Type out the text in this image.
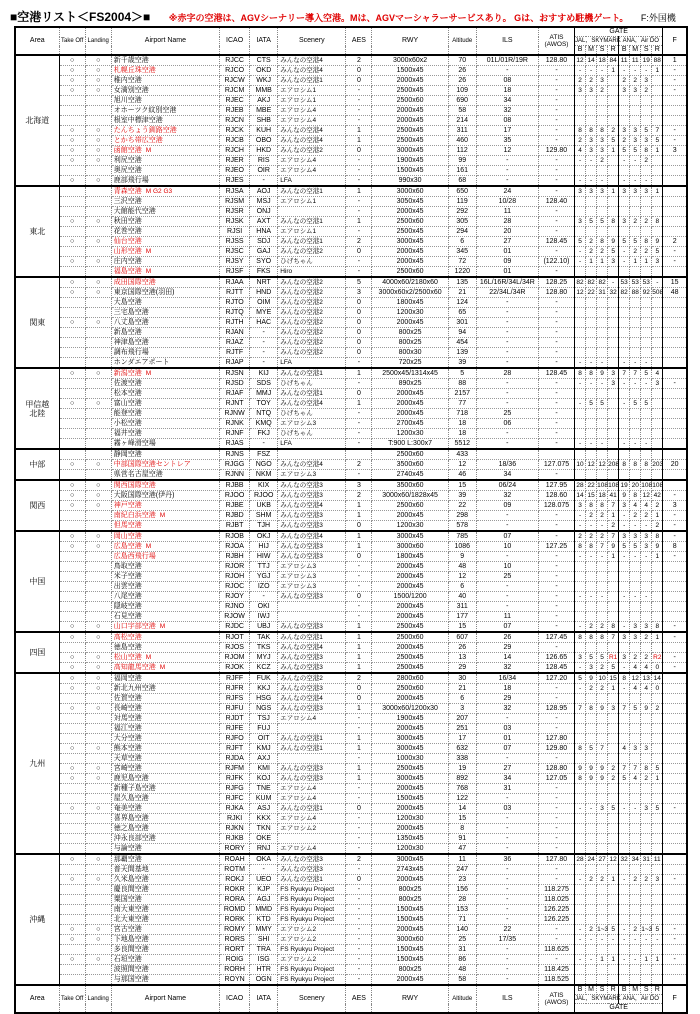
■空港リスト＜FS2004＞■ ※赤字の空港は、AGVシーナリー導入空港。Mは、AGVマーシャラーサービスあり。 Gは、おすすめ駐機ゲート。 F:外国機
Area	Take Off	Landing	Airport Name	ICAO	IATA	Scenery	AES	RWY	Altitude	ILS	ATIS
(AWOS)	GATE								F
												JAL，SKYMARK				ANA，Air DO				
												B	M	S	R	B	M	S	R	
北海道	○	○	新千歳空港	RJCC	CTS	みんなの空港4	2	3000x60x2	70	01L/01R/19R	128.80	12	14	18	84	11	11	19	88	1
	○	○	札幌丘珠空港	RJCO	OKD	みんなの空港4	0	1500x45	26	-	-	-	-	-	1	-	-	-	1	-
	○	○	稚内空港	RJCW	WKJ	みんなの空港1	0	2000x45	26	08	-	2	2	3		2	2	3		-
	○	○	女満別空港	RJCM	MMB	エアロシム1	-	2500x45	109	18	-	3	3	2		3	3	2		-
			旭川空港	RJEC	AKJ	エアロシム1	-	2500x60	690	34	-									
			オホーツク紋別空港	RJEB	MBE	エアロシム4	-	2000x45	58	32	-									
			根室中標津空港	RJCN	SHB	エアロシム4	-	2000x45	214	08	-									
	○	○	たんちょう釧路空港	RJCK	KUH	みんなの空港4	1	2500x45	311	17	-	8	8	8	2	3	3	5	7	-
	○	○	とかち帯広空港	RJCB	OBO	みんなの空港4	1	2500x45	460	35	-	2	3	3	5	2	3	3	5	-
	○	○	函館空港 M	RJCH	HKD	みんなの空港2	0	3000x45	112	12	129.80	4	3	3	1	5	5	8	1	3
	○	○	利尻空港	RJER	RIS	エアロシム4	-	1900x45	99	-	-	-	-	2		-	-	2		
			奥尻空港	RJEO	OIR	エアロシム4	-	1500x45	161	-	-									
	○	○	鹿部飛行場	RJES	-	LFA	-	990x30	68	-	-	-	-	-		-	-	-		
東北			青森空港 M G2 G3	RJSA	AOJ	みんなの空港1	1	3000x60	650	24	-	3	3	3	1	3	3	3	1	
			三沢空港	RJSM	MSJ	エアロシム1	-	3050x45	119	10/28	128.40									
			大館能代空港	RJSR	ONJ		-	2000x45	292	11	-									
	○	○	秋田空港	RJSK	AXT	みんなの空港1	1	2500x60	305	28	-	3	5	5	8	3	2	2	8	
			花巻空港	RJSI	HNA	エアロシム1	-	2500x45	294	20	-									
	○	○	仙台空港	RJSS	SDJ	みんなの空港1	2	3000x45	6	27	128.45	5	2	8	9	5	5	8	9	2
			山形空港 M	RJSC	GAJ	みんなの空港2	0	2000x45	345	01	-	-	2	2	5	-	2	2	5	-
	○	○	庄内空港	RJSY	SYO	ひげちゃん	-	2000x45	72	09	(122.10)	-	1	1	3	-	1	1	3	-
			福島空港 M	RJSF	FKS	Hiro	-	2500x60	1220	01	-									
関東	○	○	成田国際空港	RJAA	NRT	みんなの空港2	5	4000x60/2180x60	135	16L/16R/34L/34R	128.25	82	82	82	-	53	53	53	-	15
	○	○	東京国際空港(羽田)	RJTT	HND	みんなの空港2	3	3000x60x2/2500x60	21	22/34L/34R	128.80	12	22	31	32	82	88	92	508	48
			大島空港	RJTO	OIM	みんなの空港2	0	1800x45	124	-	-									
			三宅島空港	RJTQ	MYE	みんなの空港2	0	1200x30	65	-	-									
	○	○	八丈島空港	RJTH	HAC	みんなの空港2	0	2000x45	301	-	-									
			新島空港	RJAN	-	みんなの空港2	0	800x25	94	-	-									
			神津島空港	RJAZ	-	みんなの空港2	0	800x25	454	-	-									
			調布飛行場	RJTF	-	みんなの空港2	0	800x30	139	-	-									
			ホンダエアポート	RJAP	-	LFA	-	720x25	39	-	-	-	-	-		-	-	-		
甲信越
北陸	○	○	新潟空港 M	RJSN	KIJ	みんなの空港1	1	2500x45/1314x45	5	28	128.45	8	8	9	3	7	7	5	4	
			佐渡空港	RJSD	SDS	ひげちゃん	-	890x25	88	-	-	-	-	-	3	-	-	-	3	-
			松本空港	RJAF	MMJ	みんなの空港1	0	2000x45	2157	-	-									
	○	○	富山空港	RJNT	TOY	みんなの空港4	1	2000x45	77	-	-	-	5	5		-	5	5		
			能登空港	RJNW	NTQ	ひげちゃん	-	2000x45	718	25	-									
			小松空港	RJNK	KMQ	エアロシム3	-	2700x45	18	06	-									
			福井空港	RJNF	FKJ	ひげちゃん	-	1200x30	18	-	-									
			霧ヶ峰滑空場	RJAS	-	LFA	-	T:900 L:300x7	5512	-	-	-	-	-		-	-	-		
中部			静岡空港	RJNS	FSZ			2500x60	433											
	○	○	中部国際空港セントレア	RJGG	NGO	みんなの空港4	2	3500x60	12	18/36	127.075	10	12	12	208	8	8	8	203	20
			県営名古屋空港	RJNN	NKM	エアロシム3	-	2740x45	46	34	-									
関西	○	○	関西国際空港	RJBB	KIX	みんなの空港3	3	3500x60	15	06/24	127.95	28	22	108	108	19	20	108	108	
	○	○	大阪国際空港(伊丹)	RJOO	RJOO	みんなの空港3	2	3000x60/1828x45	39	32	128.60	14	15	18	41	9	8	12	42	-
	○	○	神戸空港	RJBE	UKB	みんなの空港4	1	2500x60	22	09	128.075	3	8	8	7	3	4	4	2	3
			南紀白浜空港 M	RJBD	SHM	みんなの空港3	1	2000x45	298	-	-	-	2	2	1	-	2	2	1	-
			但馬空港	RJBT	TJH	みんなの空港3	0	1200x30	578	-	-	-	-	-	2	-	-	-	2	-
中国	○	○	岡山空港	RJOB	OKJ	みんなの空港4	1	3000x45	785	07	-	2	2	2	7	3	3	3	8	-
	○	○	広島空港 M	RJOA	HIJ	みんなの空港3	1	3000x60	1086	10	127.25	8	8	7	9	5	5	3	9	8
			広島西飛行場	RJBH	HIW	みんなの空港3	0	1800x45	9	-	-	-	-	-	1	-	-	-	1	-
			鳥取空港	RJOR	TTJ	エアロシム3	-	2000x45	48	10	-									
			米子空港	RJOH	YGJ	エアロシム3	-	2000x45	12	25	-									
			出雲空港	RJOC	IZO	エアロシム3	-	2000x45	6	-	-									
			八尾空港	RJOY	-	みんなの空港3	0	1500/1200	40	-	-	-	-	-		-	-	-		
			隠岐空港	RJNO	OKI		-	2000x45	311	-	-									
			石見空港	RJOW	IWJ		-	2000x45	177	11	-									
	○	○	山口宇部空港 M	RJDC	UBJ	みんなの空港3	1	2500x45	15	07	-	-	2	2	8	-	3	3	8	-
四国	○	○	高松空港	RJOT	TAK	みんなの空港1	1	2500x60	607	26	127.45	8	8	8	7	3	3	2	1	-
			徳島空港	RJOS	TKS	みんなの空港4	1	2000x45	26	29	-									
	○	○	松山空港 M	RJOM	MYJ	みんなの空港3	1	2500x45	13	14	126.65	3	5	5	R1	3	2	2	R2	-
	○	○	高知龍馬空港 M	RJOK	KCZ	みんなの空港3	1	2500x45	29	32	128.45	-	3	2	5	-	4	4	0	-
九州	○	○	福岡空港	RJFF	FUK	みんなの空港2	2	2800x60	30	16/34	127.20	5	9	10	15	8	12	13	14	
	○	○	新北九州空港	RJFR	KKJ	みんなの空港3	0	2500x60	21	18	-	-	2	2	1	-	4	4	0	
			佐賀空港	RJFS	HSG	みんなの空港4	0	2000x45	6	29	-									
	○	○	長崎空港	RJFU	NGS	みんなの空港3	1	3000x60/1200x30	3	32	128.95	7	8	9	3	7	5	9	2	
			対馬空港	RJDT	TSJ	エアロシム4	-	1900x45	207	-	-									
			福江空港	RJFE	FUJ		-	2000x45	251	03	-									
			大分空港	RJFO	OIT	みんなの空港1	1	3000x45	17	01	127.80									
	○	○	熊本空港	RJFT	KMJ	みんなの空港1	1	3000x45	632	07	129.80	8	5	7		4	3	3		
			天草空港	RJDA	AXJ		-	1000x30	338	-	-									
	○	○	宮崎空港	RJFM	KMI	みんなの空港3	1	2500x45	19	27	128.80	9	9	9	2	7	7	8	5	
	○	○	鹿児島空港	RJFK	KOJ	みんなの空港3	1	3000x45	892	34	127.05	8	9	9	2	5	4	2	1	
			新種子島空港	RJFG	TNE	エアロシム4	-	2000x45	768	31	-									
			屋久島空港	RJFC	KUM	エアロシム4	-	1500x45	122	-	-									
	○	○	奄美空港	RJKA	ASJ	みんなの空港1	0	2000x45	14	03	-	-	-	3	5	-	-	3	5	-
			喜界島空港	RJKI	KKX	エアロシム4	-	1200x30	15	-	-									
			徳之島空港	RJKN	TKN	エアロシム2	-	2000x45	8	-	-									
			沖永良部空港	RJKB	OKE		-	1350x45	91	-	-									
			与論空港	RORY	RNJ	エアロシム4	-	1200x30	47	-	-									
沖縄	○	○	那覇空港	ROAH	OKA	みんなの空港3	2	3000x45	11	36	127.80	28	24	27	12	32	34	31	11	
			普天間基地	ROTM	-	みんなの空港3	-	2743x45	247	-	-									
	○	○	久米島空港	ROKJ	UEO	みんなの空港1	0	2000x45	23	-	-	-	2	2	1	-	2	2	3	-
			慶良間空港	ROKR	KJP	FS Ryukyu Project	-	800x25	156	-	118.275									
			粟国空港	RORA	AGJ	FS Ryukyu Project	-	800x25	28	-	118.025									
			南大東空港	ROMD	MMD	FS Ryukyu Project	-	1500x45	153	-	126.225									
			北大東空港	RORK	KTD	FS Ryukyu Project	-	1500x45	71	-	126.225									
	○	○	宮古空港	ROMY	MMY	エアロシム2	-	2000x45	140	22	-	-	2	1~3	5	-	2	1~3	5	-
	○	○	下地島空港	RORS	SHI	エアロシム2	-	3000x60	25	17/35	-	-	-	-	-	-	-	-	-	-
			多良間空港	RORT	TRA	FS Ryukyu Project	-	1500x45	31	-	118.625									
	○	○	石垣空港	ROIG	ISG	エアロシム2	-	1500x45	86	-	-	-	-	1	1	-	-	1	1	-
			波照間空港	RORH	HTR	FS Ryukyu Project	-	800x25	48	-	118.425									
			与那国空港	ROYN	OGN	FS Ryukyu Project	-	2000x45	58	-	118.525									
Area	Take Off	Landing	Airport Name	ICAO	IATA	Scenery	AES	RWY	Altitude	ILS	ATIS
(AWOS)	B	M	S	R	B	M	S	R	F
												JAL，SKYMARK				ANA，Air DO				
												GATE								
